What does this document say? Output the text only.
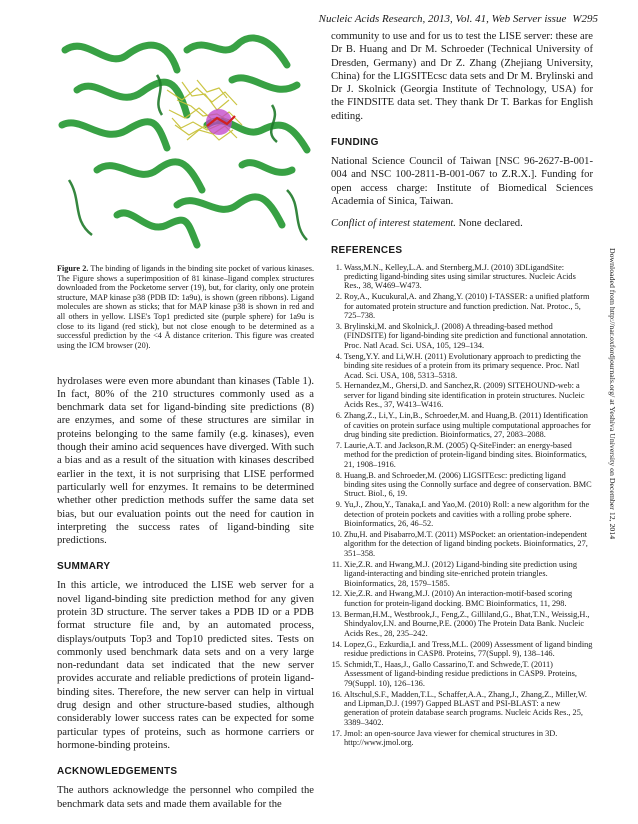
Nucleic Acids Research, 2013, Vol. 41, Web Server issue W295

Figure 2. The binding of ligands in the binding site pocket of various kinases. The Figure shows a superimposition of 81 kinase–ligand complex structures downloaded from the Pocketome server (19), but, for clarity, only one protein structure, MAP kinase p38 (PDB ID: 1a9u), is shown (green ribbons). Ligand molecules are shown as sticks; that for MAP kinase p38 is shown in red and all others in yellow. LISE's Top1 predicted site (purple sphere) for 1a9u is close to its ligand (red stick), but not close enough to be determined as a successful prediction by the <4 Å distance criterion. This figure was created using the ICM browser (20).

hydrolases were even more abundant than kinases (Table 1). In fact, 80% of the 210 structures commonly used as a benchmark data set for ligand-binding site predictions (8) are enzymes, and some of these structures are similar in proteins belonging to the same family (e.g. kinases), even though their amino acid sequences have diverged. With such a bias and as a result of the situation with kinases described earlier in the text, it is not surprising that LISE performed particularly well for enzymes. It remains to be determined whether other prediction methods suffer the same data set bias, but our evaluation points out the need for caution in interpreting the success rates of ligand-binding site predictions.

SUMMARY

In this article, we introduced the LISE web server for a novel ligand-binding site prediction method for any given protein 3D structure. The server takes a PDB ID or a PDB format structure file and, by an automated process, displays/outputs Top3 and Top10 predicted sites. Tests on commonly used benchmark data sets and on a very large non-redundant data set indicated that the new server provides accurate and reliable predictions of protein ligand-binding sites. Therefore, the new server can help in virtual drug design and other structure-based studies, although considerably lower success rates can be expected for some particular types of proteins, such as hormone carriers or hormone-binding proteins.

ACKNOWLEDGEMENTS

The authors acknowledge the personnel who compiled the benchmark data sets and made them available for the

community to use and for us to test the LISE server: these are Dr B. Huang and Dr M. Schroeder (Technical University of Dresden, Germany) and Dr Z. Zhang (Zhejiang University, China) for the LIGSITEcsc data sets and Dr M. Brylinski and Dr J. Skolnick (Georgia Institute of Technology, USA) for the FINDSITE data set. They thank Dr T. Barkas for English editing.

FUNDING

National Science Council of Taiwan [NSC 96-2627-B-001-004 and NSC 100-2811-B-001-067 to Z.R.X.]. Funding for open access charge: Institute of Biomedical Sciences Academia of Sinica, Taiwan.

Conflict of interest statement. None declared.

REFERENCES
1. Wass,M.N., Kelley,L.A. and Sternberg,M.J. (2010) 3DLigandSite: predicting ligand-binding sites using similar structures. Nucleic Acids Res., 38, W469–W473.
2. Roy,A., Kucukural,A. and Zhang,Y. (2010) I-TASSER: a unified platform for automated protein structure and function prediction. Nat. Protoc., 5, 725–738.
3. Brylinski,M. and Skolnick,J. (2008) A threading-based method (FINDSITE) for ligand-binding site prediction and functional annotation. Proc. Natl Acad. Sci. USA, 105, 129–134.
4. Tseng,Y.Y. and Li,W.H. (2011) Evolutionary approach to predicting the binding site residues of a protein from its primary sequence. Proc. Natl Acad. Sci. USA, 108, 5313–5318.
5. Hernandez,M., Ghersi,D. and Sanchez,R. (2009) SITEHOUND-web: a server for ligand binding site identification in protein structures. Nucleic Acids Res., 37, W413–W416.
6. Zhang,Z., Li,Y., Lin,B., Schroeder,M. and Huang,B. (2011) Identification of cavities on protein surface using multiple computational approaches for drug binding site prediction. Bioinformatics, 27, 2083–2088.
7. Laurie,A.T. and Jackson,R.M. (2005) Q-SiteFinder: an energy-based method for the prediction of protein-ligand binding sites. Bioinformatics, 21, 1908–1916.
8. Huang,B. and Schroeder,M. (2006) LIGSITEcsc: predicting ligand binding sites using the Connolly surface and degree of conservation. BMC Struct. Biol., 6, 19.
9. Yu,J., Zhou,Y., Tanaka,I. and Yao,M. (2010) Roll: a new algorithm for the detection of protein pockets and cavities with a rolling probe sphere. Bioinformatics, 26, 46–52.
10. Zhu,H. and Pisabarro,M.T. (2011) MSPocket: an orientation-independent algorithm for the detection of ligand binding pockets. Bioinformatics, 27, 351–358.
11. Xie,Z.R. and Hwang,M.J. (2012) Ligand-binding site prediction using ligand-interacting and binding site-enriched protein triangles. Bioinformatics, 28, 1579–1585.
12. Xie,Z.R. and Hwang,M.J. (2010) An interaction-motif-based scoring function for protein-ligand docking. BMC Bioinformatics, 11, 298.
13. Berman,H.M., Westbrook,J., Feng,Z., Gilliland,G., Bhat,T.N., Weissig,H., Shindyalov,I.N. and Bourne,P.E. (2000) The Protein Data Bank. Nucleic Acids Res., 28, 235–242.
14. Lopez,G., Ezkurdia,I. and Tress,M.L. (2009) Assessment of ligand binding residue predictions in CASP8. Proteins, 77(Suppl. 9), 138–146.
15. Schmidt,T., Haas,J., Gallo Cassarino,T. and Schwede,T. (2011) Assessment of ligand-binding residue predictions in CASP9. Proteins, 79(Suppl. 10), 126–136.
16. Altschul,S.F., Madden,T.L., Schaffer,A.A., Zhang,J., Zhang,Z., Miller,W. and Lipman,D.J. (1997) Gapped BLAST and PSI-BLAST: a new generation of protein database search programs. Nucleic Acids Res., 25, 3389–3402.
17. Jmol: an open-source Java viewer for chemical structures in 3D. http://www.jmol.org.
Downloaded from http://nar.oxfordjournals.org/ at Yeshiva University on December 12, 2014
